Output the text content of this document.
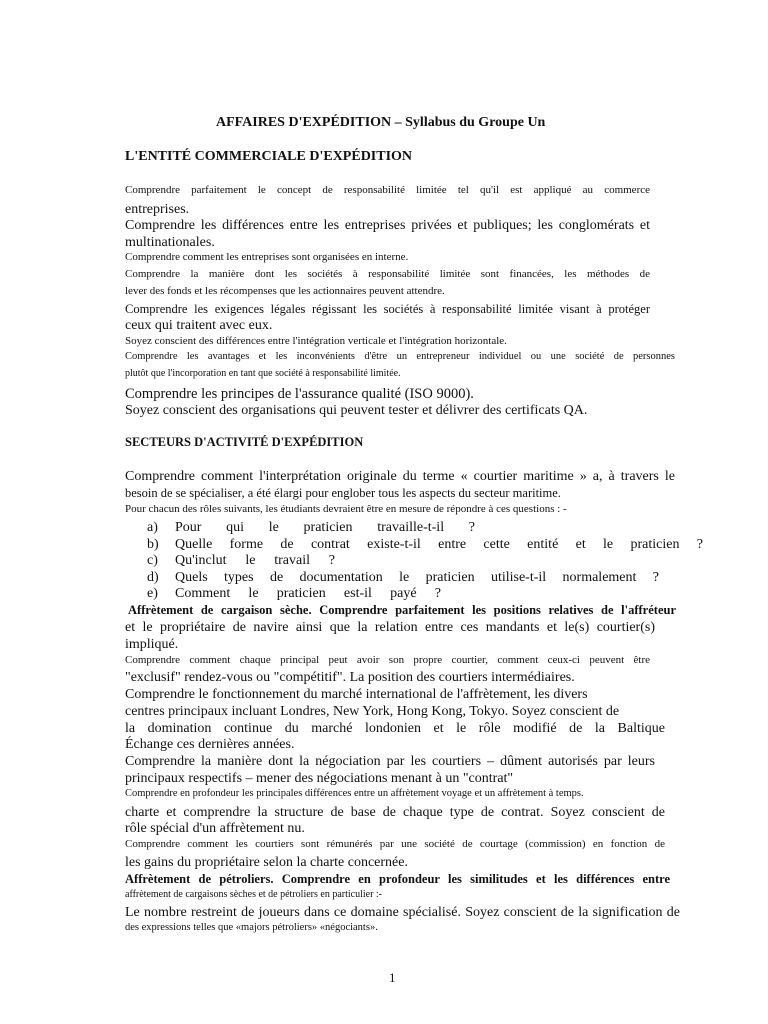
AFFAIRES D'EXPÉDITION – Syllabus du Groupe Un
L'ENTITÉ COMMERCIALE D'EXPÉDITION
Comprendre parfaitement le concept de responsabilité limitée tel qu'il est appliqué au commerce
entreprises.
Comprendre les différences entre les entreprises privées et publiques; les conglomérats et
multinationales.
Comprendre comment les entreprises sont organisées en interne.
Comprendre la manière dont les sociétés à responsabilité limitée sont financées, les méthodes de
lever des fonds et les récompenses que les actionnaires peuvent attendre.
Comprendre les exigences légales régissant les sociétés à responsabilité limitée visant à protéger
ceux qui traitent avec eux.
Soyez conscient des différences entre l'intégration verticale et l'intégration horizontale.
Comprendre les avantages et les inconvénients d'être un entrepreneur individuel ou une société de personnes
plutôt que l'incorporation en tant que société à responsabilité limitée.
Comprendre les principes de l'assurance qualité (ISO 9000).
Soyez conscient des organisations qui peuvent tester et délivrer des certificats QA.
SECTEURS D'ACTIVITÉ D'EXPÉDITION
Comprendre comment l'interprétation originale du terme « courtier maritime » a, à travers le
besoin de se spécialiser, a été élargi pour englober tous les aspects du secteur maritime.
Pour chacun des rôles suivants, les étudiants devraient être en mesure de répondre à ces questions : -
a)	Pour qui le praticien travaille-t-il ?
b)	Quelle forme de contrat existe-t-il entre cette entité et le praticien ?
c)	Qu'inclut le travail ?
d)	Quels types de documentation le praticien utilise-t-il normalement ?
e)	Comment le praticien est-il payé ?
Affrètement de cargaison sèche. Comprendre parfaitement les positions relatives de l'affréteur
et le propriétaire de navire ainsi que la relation entre ces mandants et le(s) courtier(s)
impliqué.
Comprendre comment chaque principal peut avoir son propre courtier, comment ceux-ci peuvent être
"exclusif" rendez-vous ou "compétitif". La position des courtiers intermédiaires.
Comprendre le fonctionnement du marché international de l'affrètement, les divers
centres principaux incluant Londres, New York, Hong Kong, Tokyo. Soyez conscient de
la domination continue du marché londonien et le rôle modifié de la Baltique
Échange ces dernières années.
Comprendre la manière dont la négociation par les courtiers – dûment autorisés par leurs
principaux respectifs – mener des négociations menant à un "contrat"
Comprendre en profondeur les principales différences entre un affrètement voyage et un affrètement à temps.
charte et comprendre la structure de base de chaque type de contrat. Soyez conscient de
rôle spécial d'un affrètement nu.
Comprendre comment les courtiers sont rémunérés par une société de courtage (commission) en fonction de
les gains du propriétaire selon la charte concernée.
Affrètement de pétroliers. Comprendre en profondeur les similitudes et les différences entre
affrètement de cargaisons sèches et de pétroliers en particulier :-
Le nombre restreint de joueurs dans ce domaine spécialisé. Soyez conscient de la signification de
des expressions telles que «majors pétroliers» «négociants».
1
